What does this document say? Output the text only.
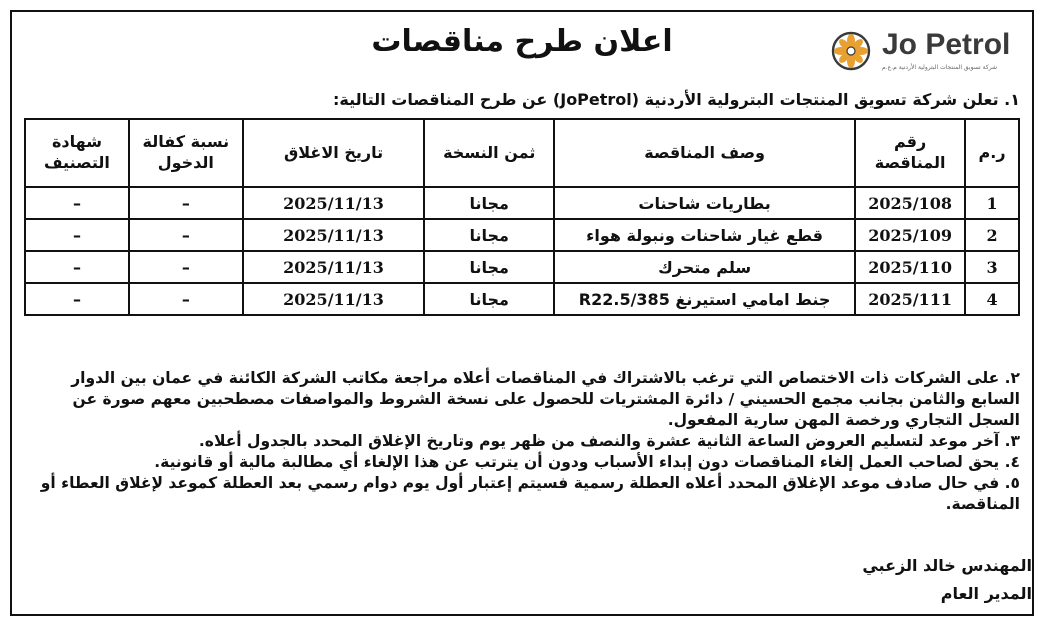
اعلان طرح مناقصات	Jo Petrol
شركة تسويق المنتجات البترولية الأردنية م.ع.م
١. تعلن شركة تسويق المنتجات البترولية الأردنية (JoPetrol) عن طرح المناقصات التالية:
ر.م	رقم المناقصة	وصف المناقصة	ثمن النسخة	تاريخ الاغلاق	نسبة كفالة الدخول	شهادة التصنيف
1	2025/108	بطاريات شاحنات	مجانا	2025/11/13	–	–
2	2025/109	قطع غيار شاحنات ونبولة هواء	مجانا	2025/11/13	–	–
3	2025/110	سلم متحرك	مجانا	2025/11/13	–	–
4	2025/111	جنط امامي استيرنغ 385/R22.5	مجانا	2025/11/13	–	–

٢. على الشركات ذات الاختصاص التي ترغب بالاشتراك في المناقصات أعلاه مراجعة مكاتب الشركة الكائنة في عمان بين الدوار السابع والثامن بجانب مجمع الحسيني / دائرة المشتريات للحصول على نسخة الشروط والمواصفات مصطحبين معهم صورة عن السجل التجاري ورخصة المهن سارية المفعول.

٣. آخر موعد لتسليم العروض الساعة الثانية عشرة والنصف من ظهر يوم وتاريخ الإغلاق المحدد بالجدول أعلاه.

٤. يحق لصاحب العمل إلغاء المناقصات دون إبداء الأسباب ودون أن يترتب عن هذا الإلغاء أي مطالبة مالية أو قانونية.

٥. في حال صادف موعد الإغلاق المحدد أعلاه العطلة رسمية فسيتم إعتبار أول يوم دوام رسمي بعد العطلة كموعد لإغلاق العطاء أو المناقصة.

المهندس خالد الزعبي
المدير العام
